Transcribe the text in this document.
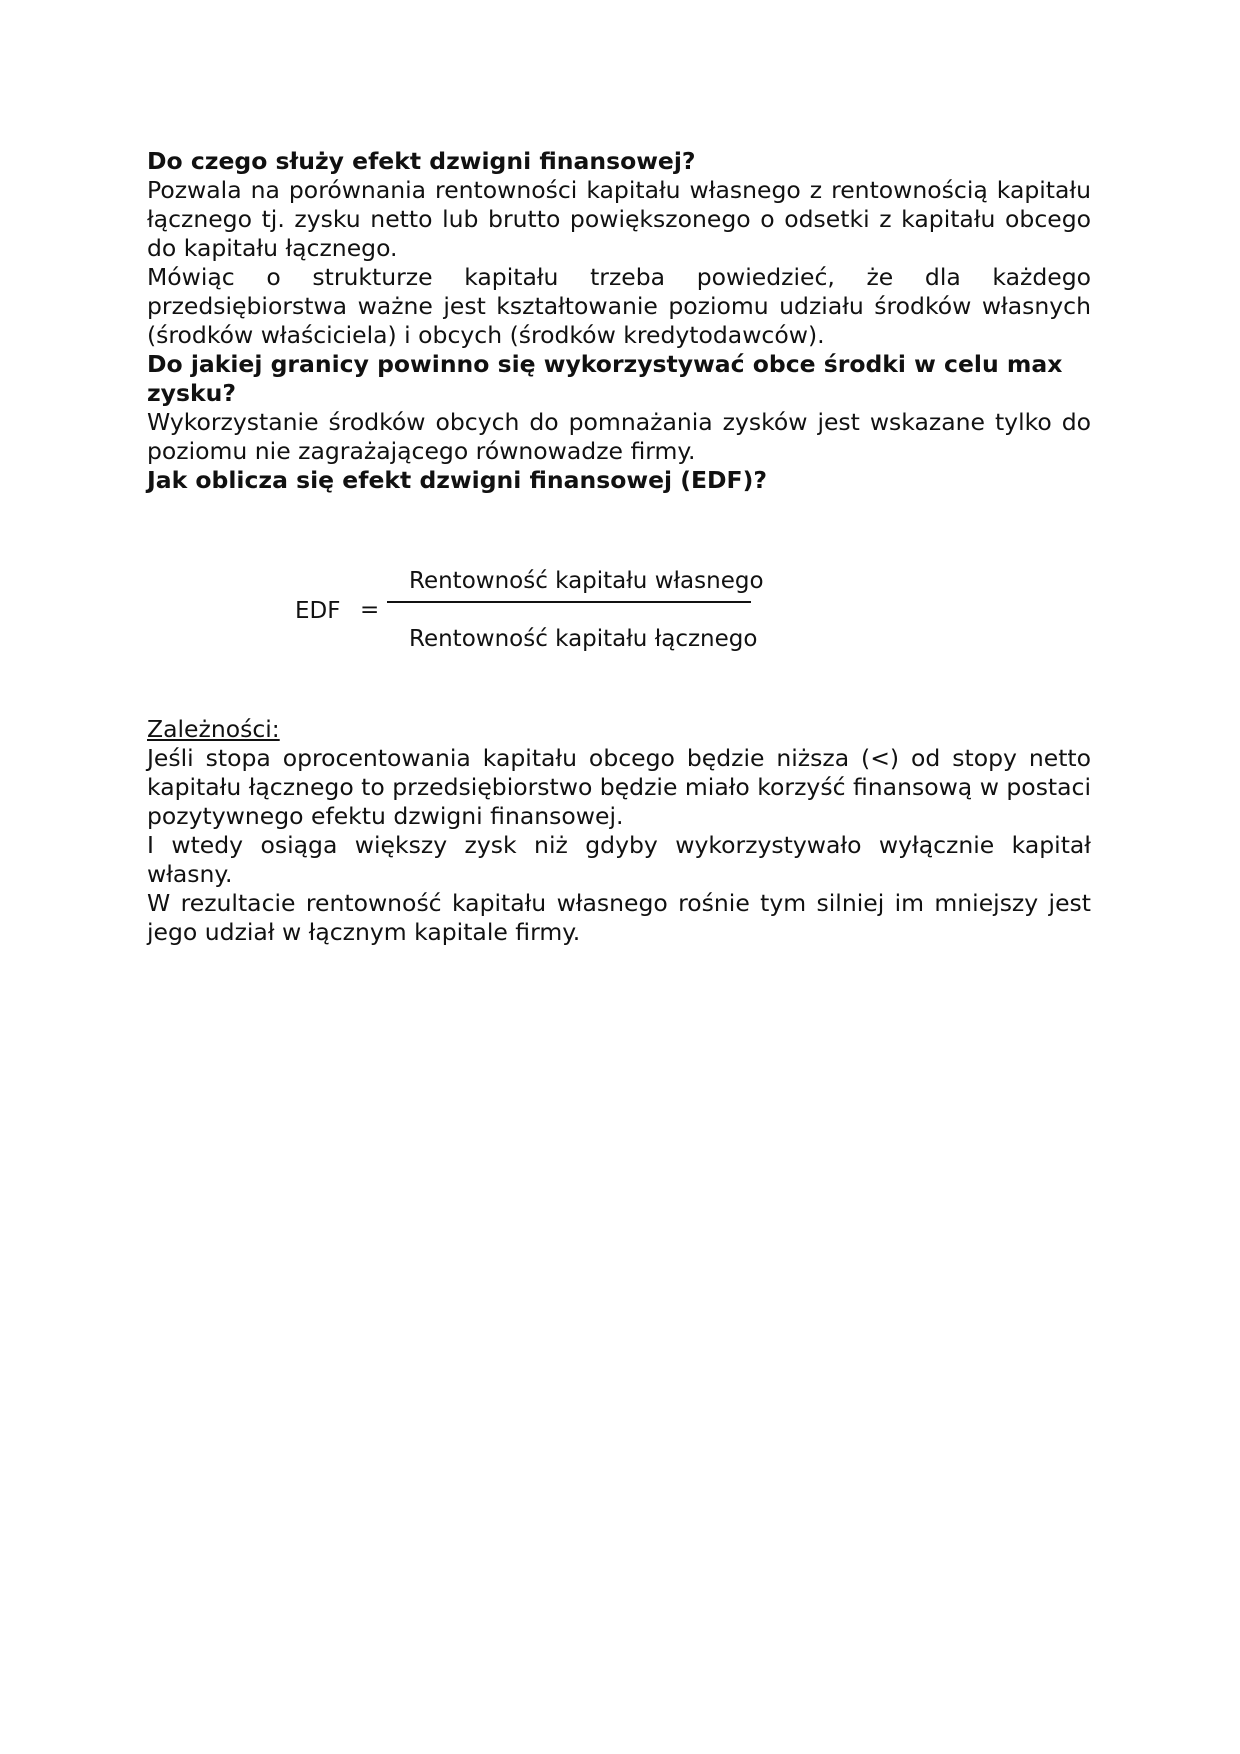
Do czego służy efekt dzwigni finansowej?

Pozwala na porównania rentowności kapitału własnego z rentownością kapitału łącznego tj. zysku netto lub brutto powiększonego o odsetki z kapitału obcego do kapitału łącznego.

Mówiąc o strukturze kapitału trzeba powiedzieć, że dla każdego przedsiębiorstwa ważne jest kształtowanie poziomu udziału środków własnych (środków właściciela) i obcych (środków kredytodawców).

Do jakiej granicy powinno się wykorzystywać obce środki w celu max zysku?

Wykorzystanie środków obcych do pomnażania zysków jest wskazane tylko do poziomu nie zagrażającego równowadze firmy.

Jak oblicza się efekt dzwigni finansowej (EDF)?

EDF =
Rentowność kapitału własnego
Rentowność kapitału łącznego

Zależności:

Jeśli stopa oprocentowania kapitału obcego będzie niższa (<) od stopy netto kapitału łącznego to przedsiębiorstwo będzie miało korzyść finansową w postaci pozytywnego efektu dzwigni finansowej.

I wtedy osiąga większy zysk niż gdyby wykorzystywało wyłącznie kapitał własny.

W rezultacie rentowność kapitału własnego rośnie tym silniej im mniejszy jest jego udział w łącznym kapitale firmy.
